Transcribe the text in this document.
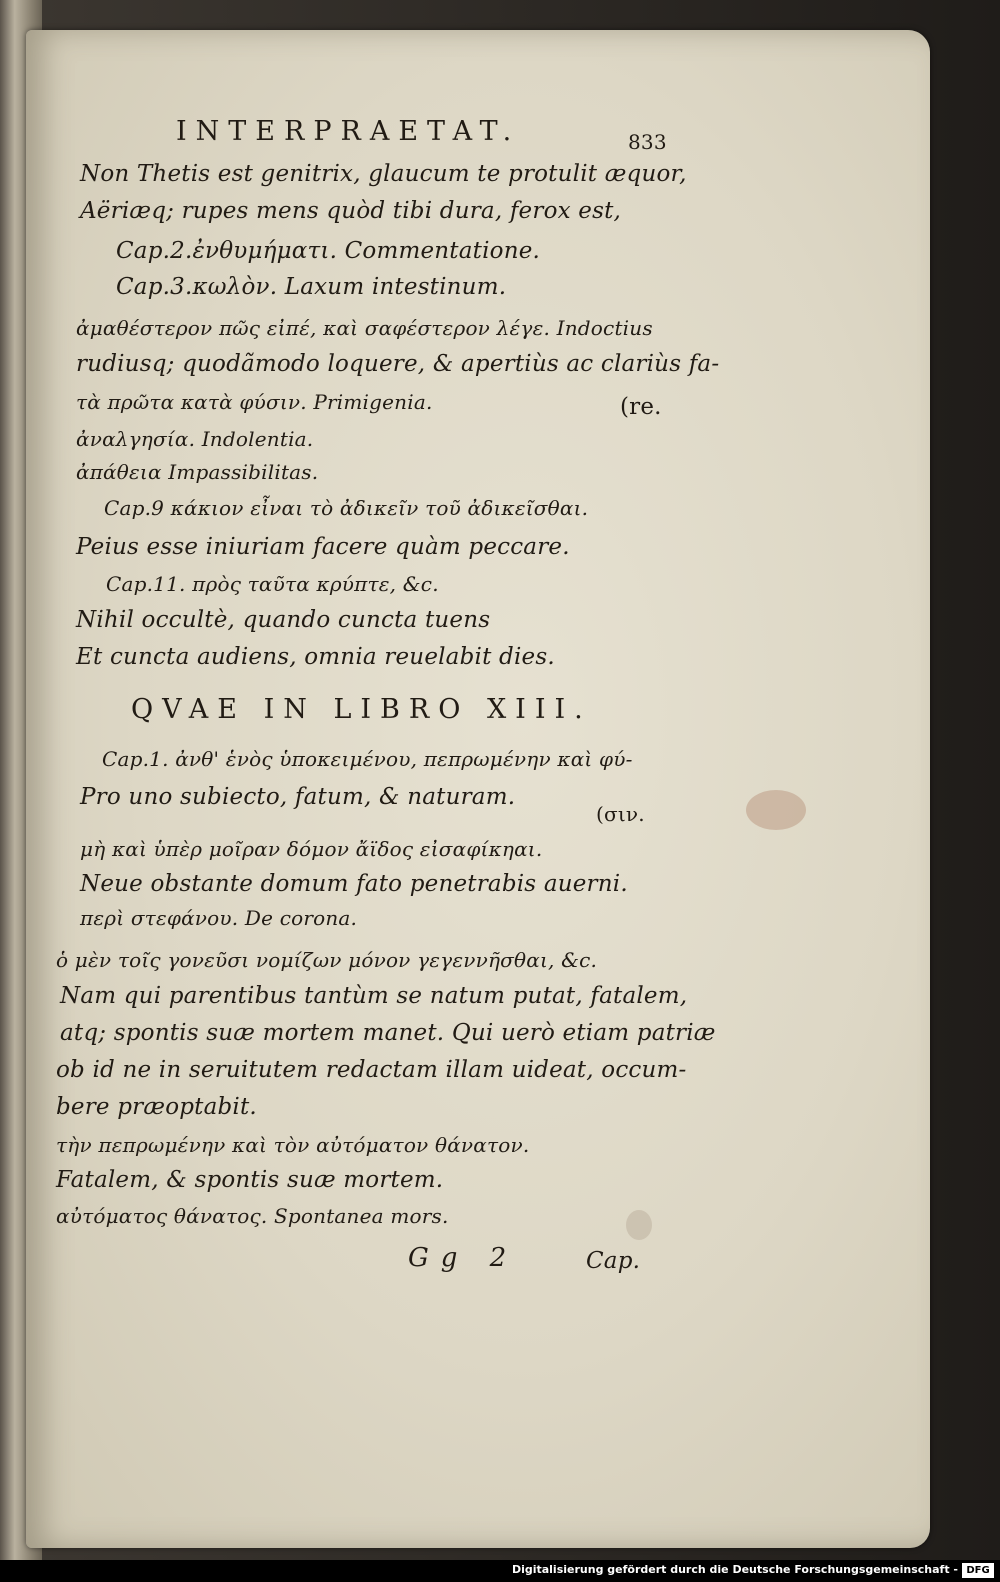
INTERPRAETAT.	833
Non Thetis est genitrix, glaucum te protulit æquor,
Aëriæq; rupes mens quòd tibi dura, ferox est,
Cap.2.ἐνθυμήματι. Commentatione.
Cap.3.κωλὸν. Laxum intestinum.
ἀμαθέστερον πῶς εἰπέ, καὶ σαφέστερον λέγε. Indoctius
rudiusq; quodãmodo loquere, & apertiùs ac clariùs fa-
τὰ πρῶτα κατὰ φύσιν. Primigenia.	(re.
ἀναλγησία. Indolentia.
ἀπάθεια Impassibilitas.
Cap.9 κάκιον εἶναι τὸ ἀδικεῖν τοῦ ἀδικεῖσθαι.
Peius esse iniuriam facere quàm peccare.
Cap.11. πρὸς ταῦτα κρύπτε, &c.
Nihil occultè, quando cuncta tuens
Et cuncta audiens, omnia reuelabit dies.
QVAE IN LIBRO XIII.
Cap.1. ἀνθ' ἑνὸς ὑποκειμένου, πεπρωμένην καὶ φύ-
Pro uno subiecto, fatum, & naturam.
(σιν.
μὴ καὶ ὑπὲρ μοῖραν δόμον ἄϊδος εἰσαφίκηαι.
Neue obstante domum fato penetrabis auerni.
περὶ στεφάνου. De corona.
ὁ μὲν τοῖς γονεῦσι νομίζων μόνον γεγεννῆσθαι, &c.
Nam qui parentibus tantùm se natum putat, fatalem,
atq; spontis suæ mortem manet. Qui uerò etiam patriæ
ob id ne in seruitutem redactam illam uideat, occum-
bere præoptabit.
τὴν πεπρωμένην καὶ τὸν αὐτόματον θάνατον.
Fatalem, & spontis suæ mortem.
αὐτόματος θάνατος. Spontanea mors.
Gg 2	Cap.
Digitalisierung gefördert durch die Deutsche Forschungsgemeinschaft - DFG
